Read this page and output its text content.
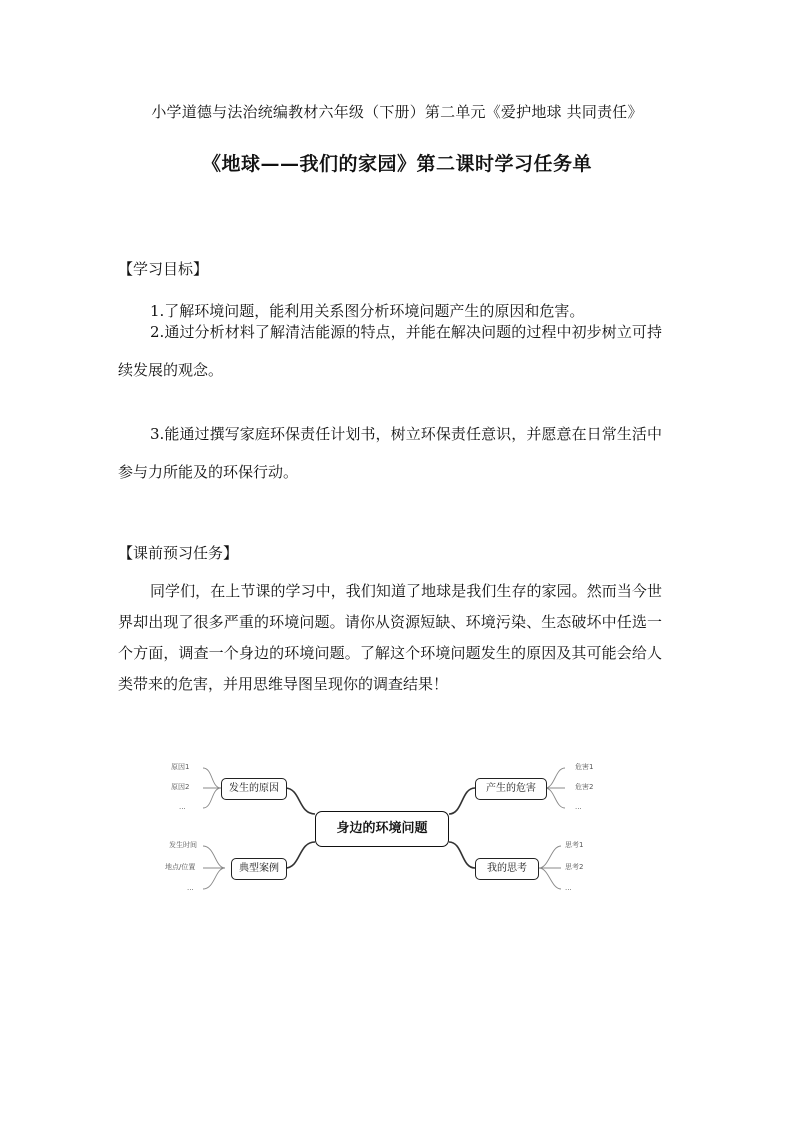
小学道德与法治统编教材六年级（下册）第二单元《爱护地球 共同责任》
《地球——我们的家园》第二课时学习任务单
【学习目标】
1.了解环境问题，能利用关系图分析环境问题产生的原因和危害。
2.通过分析材料了解清洁能源的特点，并能在解决问题的过程中初步树立可持续发展的观念。
3.能通过撰写家庭环保责任计划书，树立环保责任意识，并愿意在日常生活中参与力所能及的环保行动。
【课前预习任务】
同学们，在上节课的学习中，我们知道了地球是我们生存的家园。然而当今世界却出现了很多严重的环境问题。请你从资源短缺、环境污染、生态破坏中任选一个方面，调查一个身边的环境问题。了解这个环境问题发生的原因及其可能会给人类带来的危害，并用思维导图呈现你的调查结果！
身边的环境问题
发生的原因
典型案例
产生的危害
我的思考
原因1
原因2
...
发生时间
地点/位置
...
危害1
危害2
...
思考1
思考2
...
